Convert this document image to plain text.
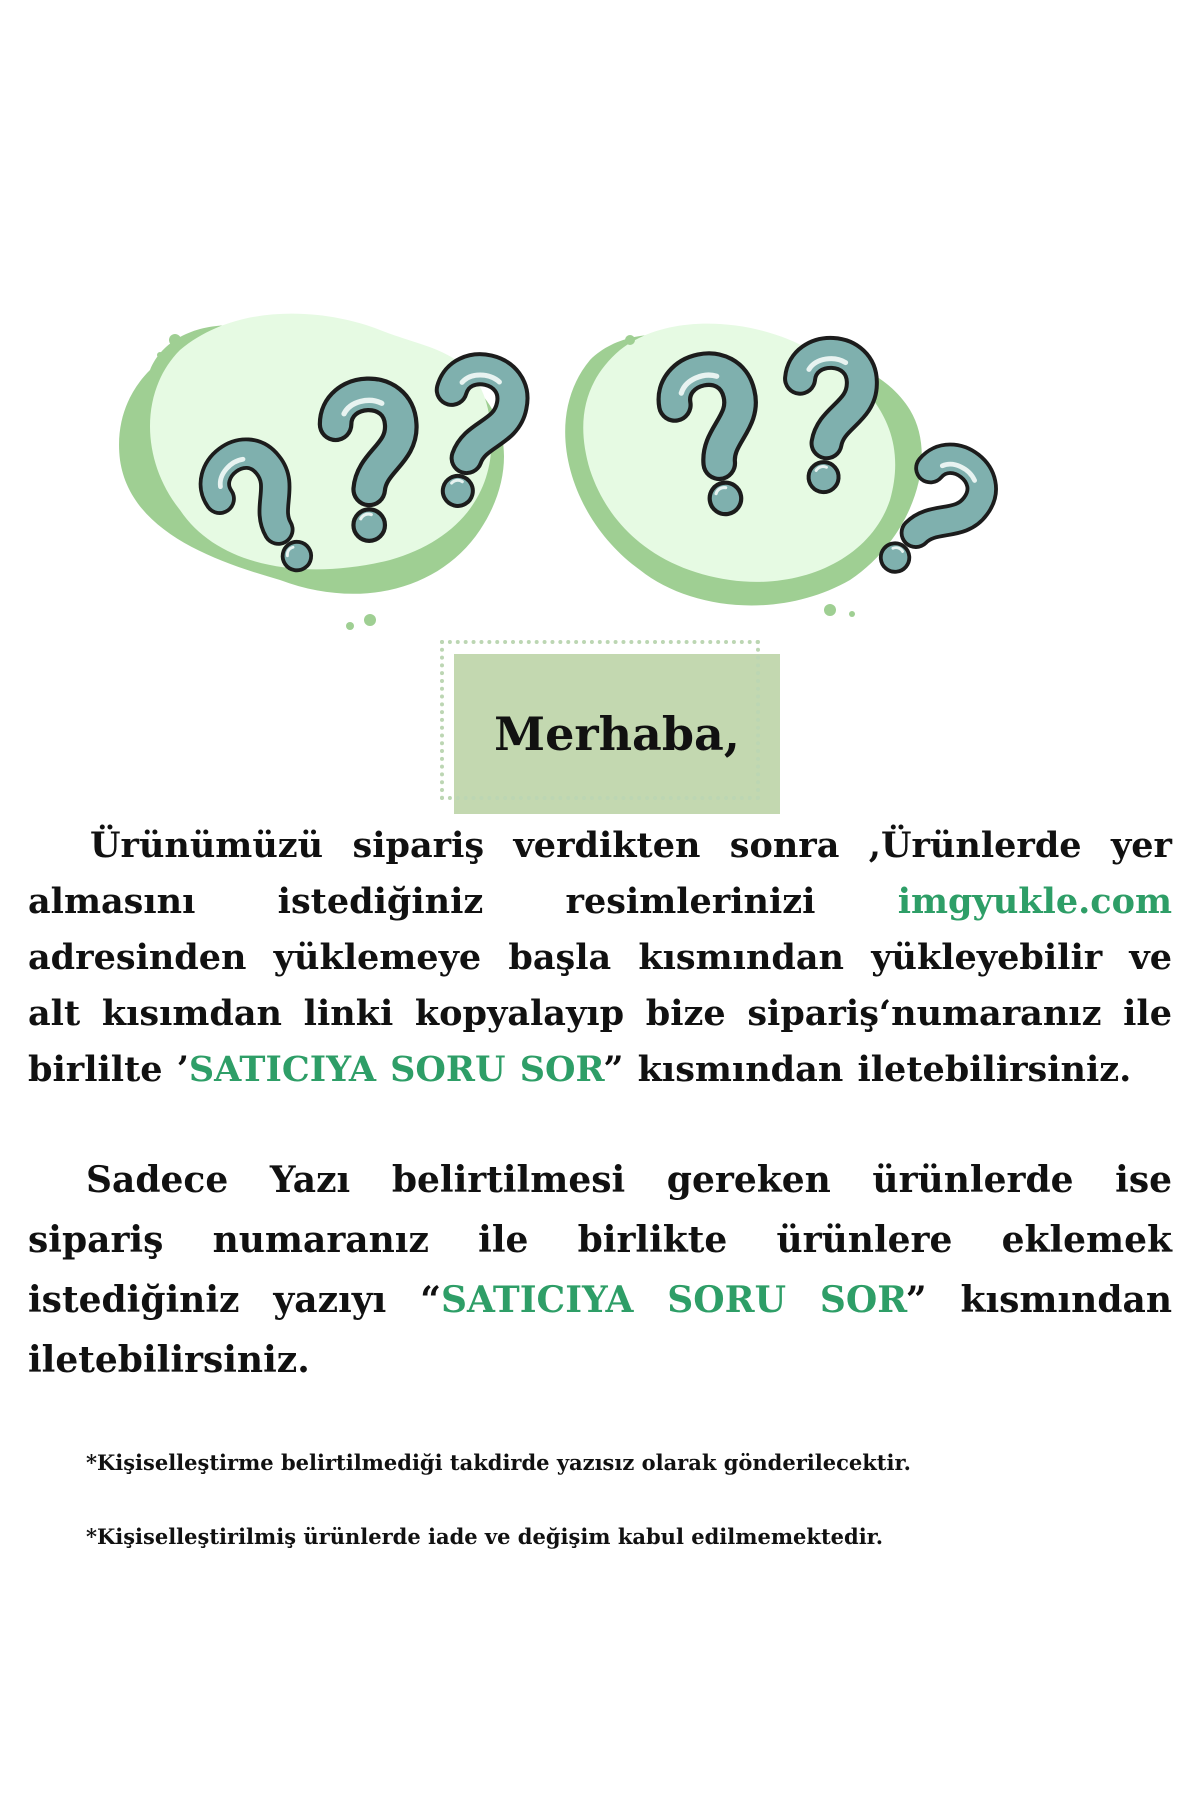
Merhaba,

Ürünümüzü sipariş verdikten sonra ,Ürünlerde yer almasını istediğiniz resimlerinizi imgyukle.com adresinden yüklemeye başla kısmından yükleyebilir ve alt kısımdan linki kopyalayıp bize sipariş‘numaranız ile birlilte ’SATICIYA SORU SOR” kısmından iletebilirsiniz.

Sadece Yazı belirtilmesi gereken ürünlerde ise sipariş numaranız ile birlikte ürünlere eklemek istediğiniz yazıyı “SATICIYA SORU SOR” kısmından iletebilirsiniz.

*Kişiselleştirme belirtilmediği takdirde yazısız olarak gönderilecektir.
*Kişiselleştirilmiş ürünlerde iade ve değişim kabul edilmemektedir.
